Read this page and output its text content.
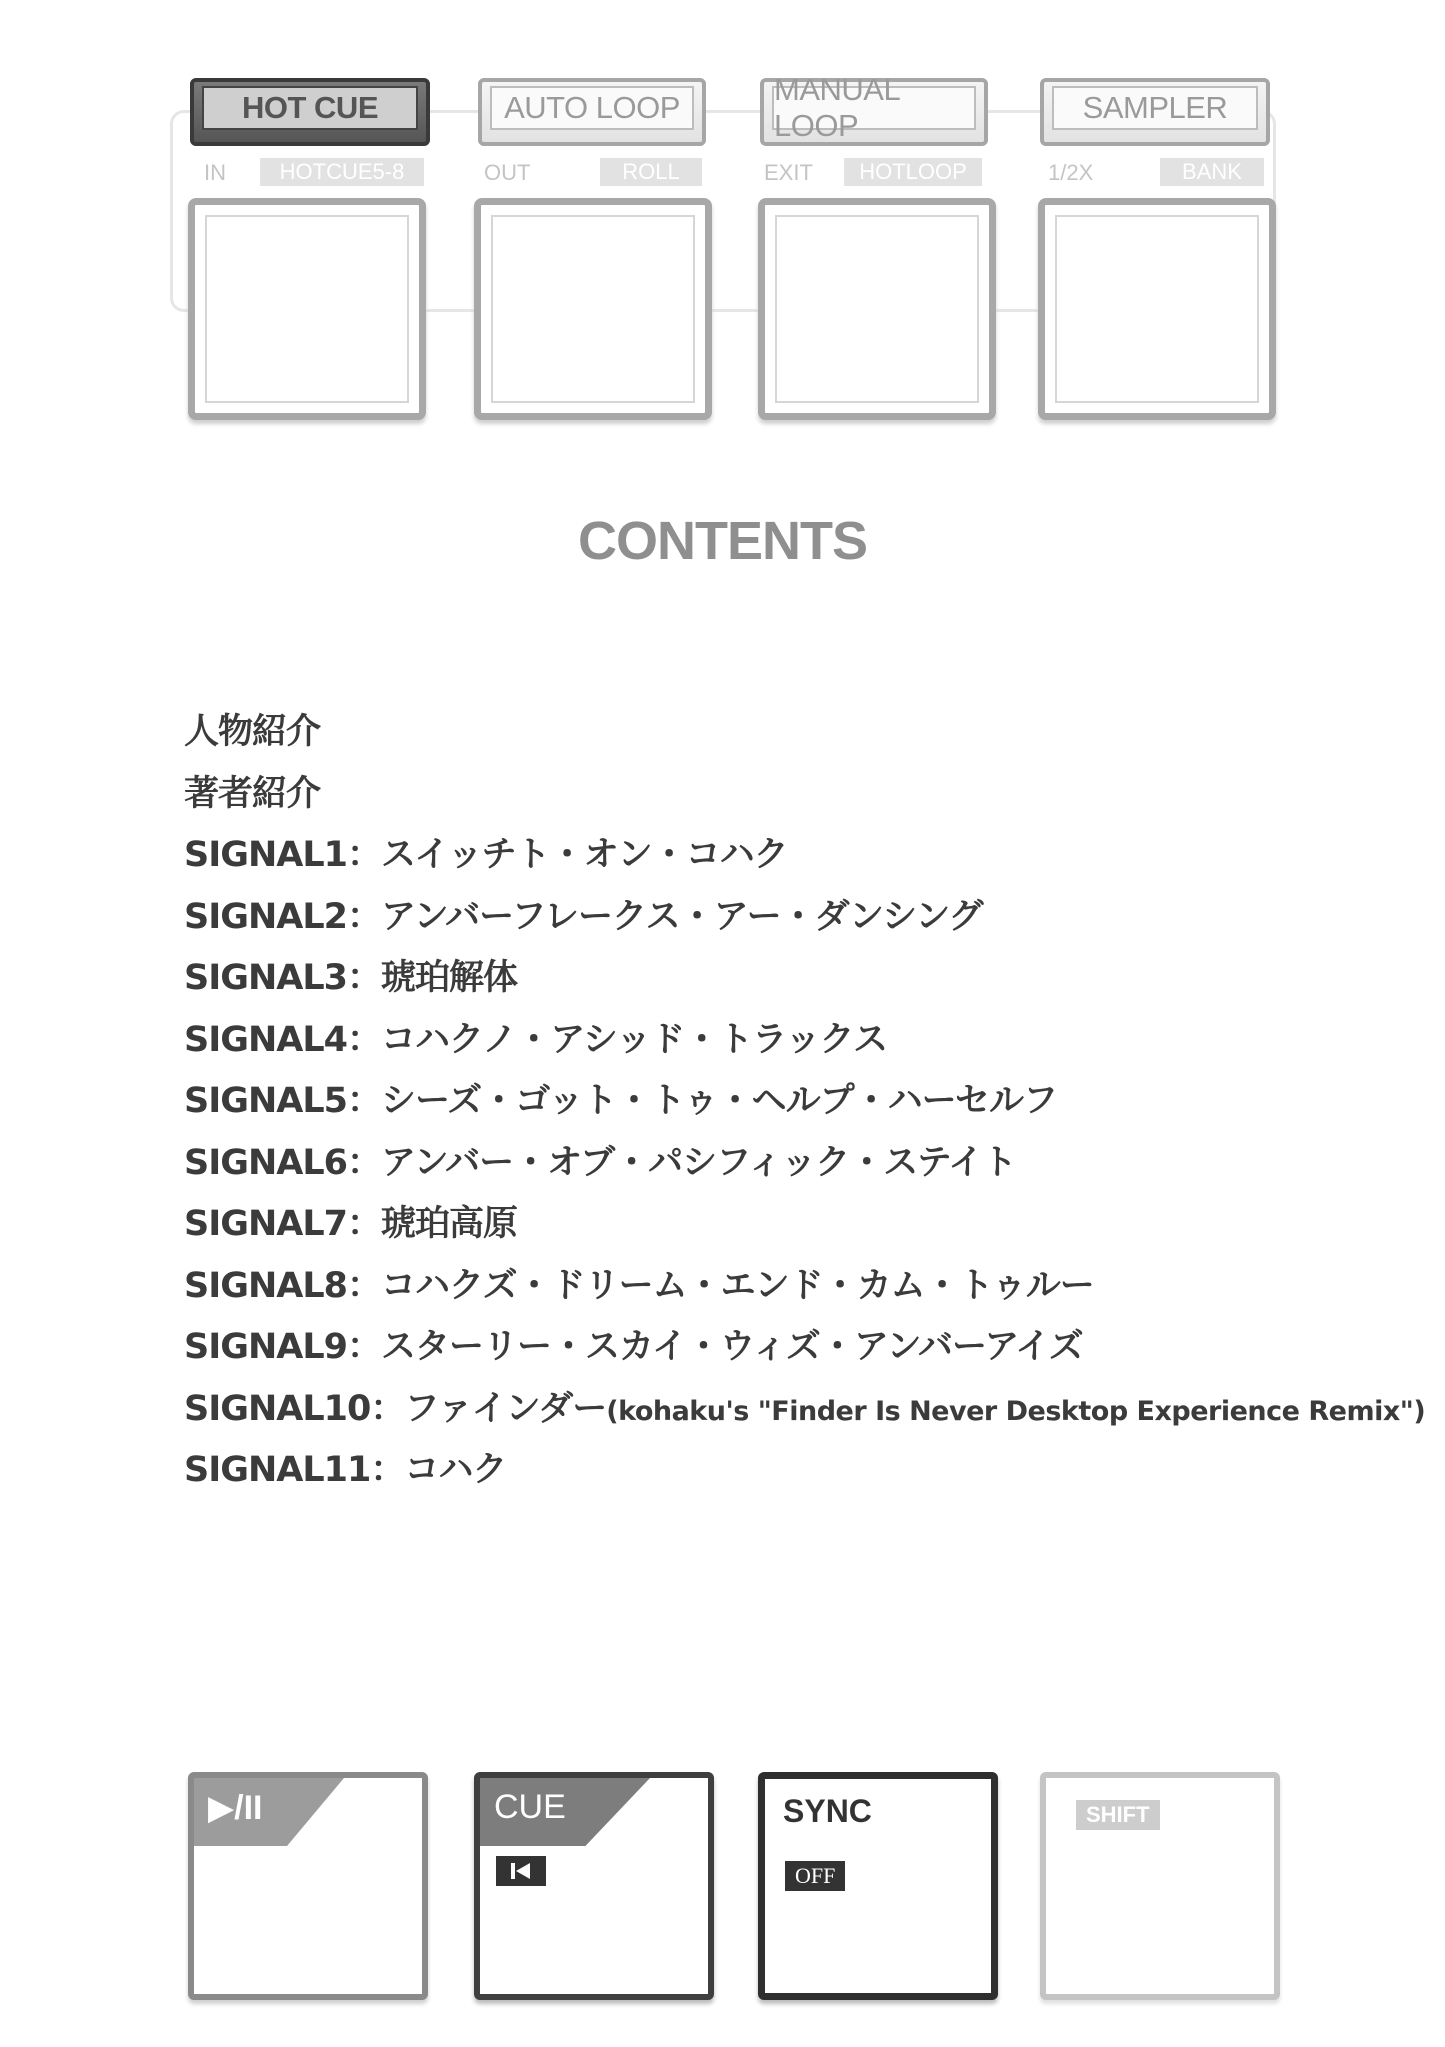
HOT CUE	AUTO LOOP
MANUAL LOOP
SAMPLER
IN	HOTCUE5-8	OUT	ROLL	EXIT	HOTLOOP	1/2X	BANK
CONTENTS
人物紹介
著者紹介
SIGNAL1：スイッチト・オン・コハク
SIGNAL2：アンバーフレークス・アー・ダンシング
SIGNAL3：琥珀解体
SIGNAL4：コハクノ・アシッド・トラックス
SIGNAL5：シーズ・ゴット・トゥ・ヘルプ・ハーセルフ
SIGNAL6：アンバー・オブ・パシフィック・ステイト
SIGNAL7：琥珀高原
SIGNAL8：コハクズ・ドリーム・エンド・カム・トゥルー
SIGNAL9：スターリー・スカイ・ウィズ・アンバーアイズ
SIGNAL10：ファインダー(kohaku's "Finder Is Never Desktop Experience Remix")
SIGNAL11：コハク
▶/II	CUE	SYNC
OFF
SHIFT
